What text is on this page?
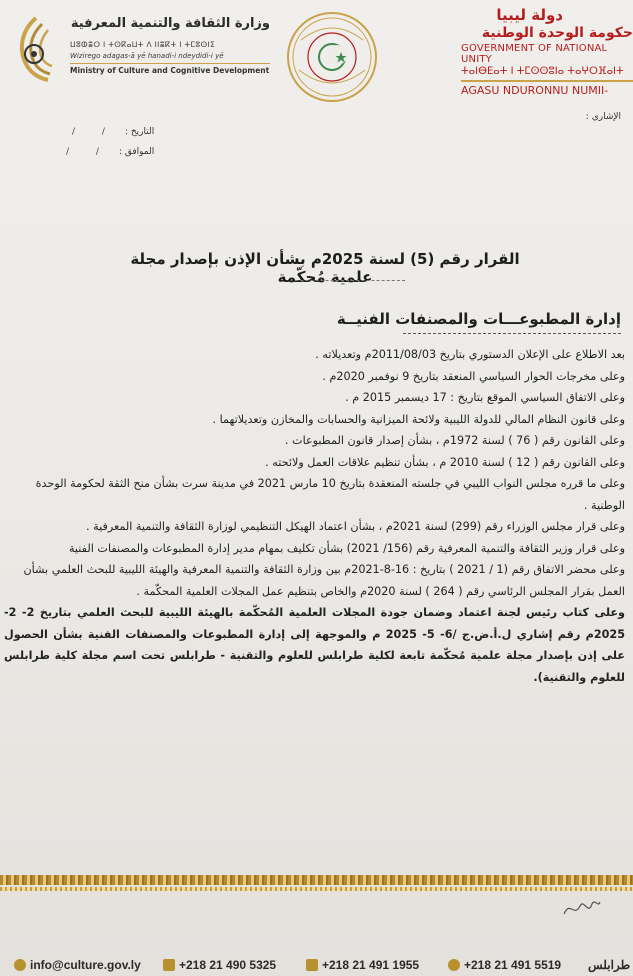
دولة ليبيا
حكومة الوحدة الوطنية
GOVERNMENT OF NATIONAL UNITY
ⵜⴰⵏⴱⴹⴰⵜ ⵏ ⵜⵎⵙⵙⵓⵏⴰ ⵜⴰⵖⵔⴼⴰⵏⵜ
AGASU NDURONNU NUMII-
وزارة الثقافة والتنمية المعرفية
ⵡⵓⵀⴻⵔ ⵏ ⵜⵙⴽⴰⵡⵜ ⴷ ⵏⵏⴻⴽⵜ ⵏ ⵜⵎⵓⵙⵏⵉ
Wizirego adagas-ā yē hanadi-i ndeydidi-i yē
Ministry of Culture and Cognitive Development
الإشاري :
التاريخ :
/ /
الموافق :
/ /
القرار رقم (5) لسنة 2025م بشأن الإذن بإصدار مجلة علمية مُحكّمة
إدارة المطبوعـــات والمصنفات الفنيــة

بعد الاطلاع على الإعلان الدستوري بتاريخ 2011/08/03م وتعديلاته .

وعلى مخرجات الحوار السياسي المنعقد بتاريخ 9 نوفمبر 2020م .

وعلى الاتفاق السياسي الموقع بتاريخ : 17 ديسمبر 2015 م .

وعلى قانون النظام المالي للدولة الليبية ولائحة الميزانية والحسابات والمخازن وتعديلاتهما .

وعلى القانون رقم ( 76 ) لسنة 1972م ، بشأن إصدار قانون المطبوعات .

وعلى القانون رقم ( 12 ) لسنة 2010 م ، بشأن تنظيم علاقات العمل ولائحته .

وعلى ما قرره مجلس النواب الليبي في جلسته المنعقدة بتاريخ 10 مارس 2021 في مدينة سرت بشأن منح الثقة لحكومة الوحدة الوطنية .

وعلى قرار مجلس الوزراء رقم (299) لسنة 2021م ، بشأن اعتماد الهيكل التنظيمي لوزارة الثقافة والتنمية المعرفية .

وعلى قرار وزير الثقافة والتنمية المعرفية رقم (156/ 2021) بشأن تكليف بمهام مدير إدارة المطبوعات والمصنفات الفنية

وعلى محضر الاتفاق رقم (1 / 2021 ) بتاريخ : 16-8-2021م بين وزارة الثقافة والتنمية المعرفية والهيئة الليبية للبحث العلمي بشأن العمل بقرار المجلس الرئاسي رقم ( 264 ) لسنة 2020م والخاص بتنظيم عمل المجلات العلمية المحكّمة .

وعلى كتاب رئيس لجنة اعتماد وضمان جودة المجلات العلمية المُحكّمة بالهيئة الليبية للبحث العلمي بتاريخ 2- 2- 2025م رقم إشاري ل.أ.ض.ج /6- 5- 2025 م والموجهة إلى إدارة المطبوعات والمصنفات الفنية بشأن الحصول على إذن بإصدار مجلة علمية مُحكّمة تابعة لكلية طرابلس للعلوم والتقنية - طرابلس تحت اسم مجلة كلية طرابلس للعلوم والتقنية).

info@culture.gov.ly	+218 21 490 5325	+218 21 491 1955	+218 21 491 5519 طرابلس
